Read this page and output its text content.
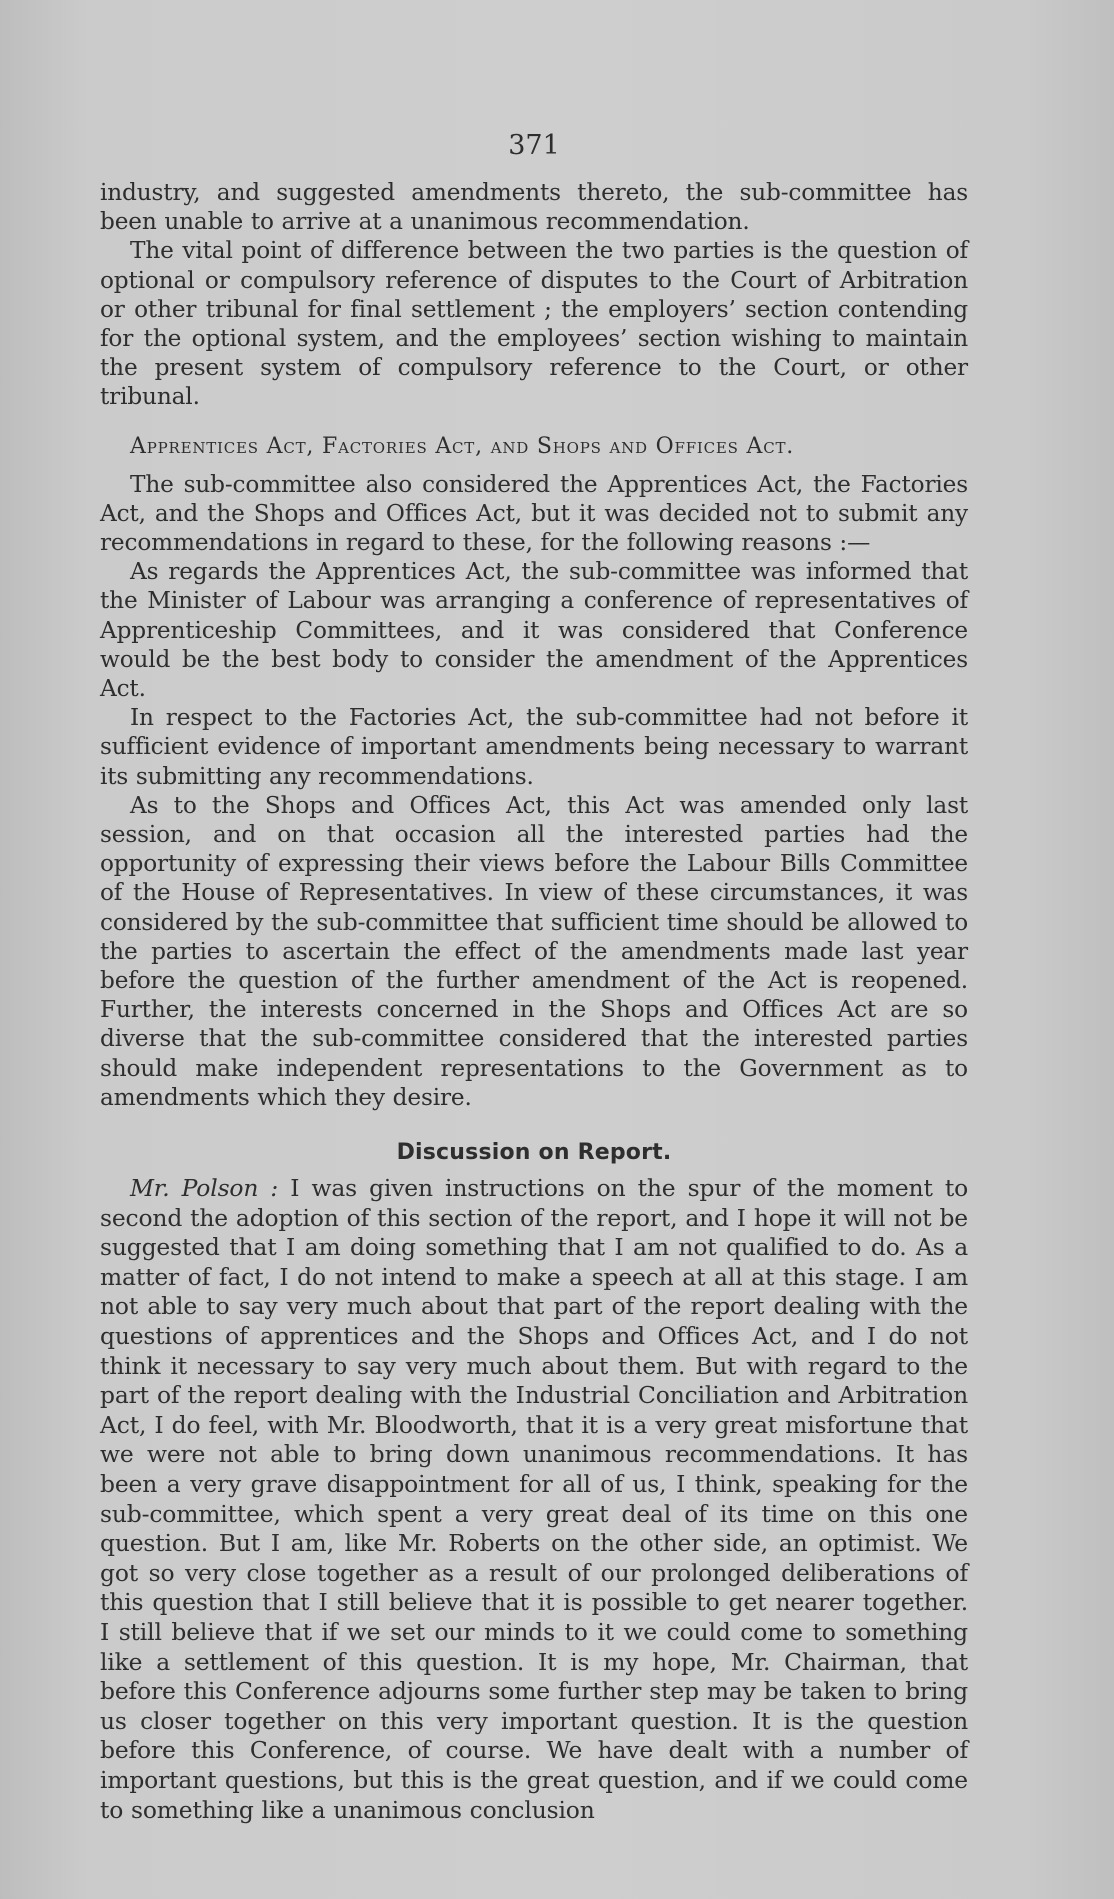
371

industry, and suggested amendments thereto, the sub-committee has been unable to arrive at a unanimous recommendation.

The vital point of difference between the two parties is the question of optional or compulsory reference of disputes to the Court of Arbitration or other tribunal for final settlement ; the employers’ section contending for the optional system, and the employees’ section wishing to maintain the present system of compulsory reference to the Court, or other tribunal.

Apprentices Act, Factories Act, and Shops and Offices Act.

The sub-committee also considered the Apprentices Act, the Factories Act, and the Shops and Offices Act, but it was decided not to submit any recommendations in regard to these, for the following reasons :—

As regards the Apprentices Act, the sub-committee was informed that the Minister of Labour was arranging a conference of representatives of Apprenticeship Committees, and it was considered that Conference would be the best body to consider the amendment of the Apprentices Act.

In respect to the Factories Act, the sub-committee had not before it sufficient evidence of important amendments being necessary to warrant its submitting any recommendations.

As to the Shops and Offices Act, this Act was amended only last session, and on that occasion all the interested parties had the opportunity of expressing their views before the Labour Bills Committee of the House of Representatives. In view of these circumstances, it was considered by the sub-committee that sufficient time should be allowed to the parties to ascertain the effect of the amendments made last year before the question of the further amendment of the Act is reopened. Further, the interests concerned in the Shops and Offices Act are so diverse that the sub-committee considered that the interested parties should make independent representations to the Government as to amendments which they desire.

Discussion on Report.

Mr. Polson : I was given instructions on the spur of the moment to second the adoption of this section of the report, and I hope it will not be suggested that I am doing something that I am not qualified to do. As a matter of fact, I do not intend to make a speech at all at this stage. I am not able to say very much about that part of the report dealing with the questions of apprentices and the Shops and Offices Act, and I do not think it necessary to say very much about them. But with regard to the part of the report dealing with the Industrial Conciliation and Arbitration Act, I do feel, with Mr. Bloodworth, that it is a very great misfortune that we were not able to bring down unanimous recommendations. It has been a very grave disappointment for all of us, I think, speaking for the sub-committee, which spent a very great deal of its time on this one question. But I am, like Mr. Roberts on the other side, an optimist. We got so very close together as a result of our prolonged deliberations of this question that I still believe that it is possible to get nearer together. I still believe that if we set our minds to it we could come to something like a settlement of this question. It is my hope, Mr. Chairman, that before this Conference adjourns some further step may be taken to bring us closer together on this very important question. It is the question before this Conference, of course. We have dealt with a number of important questions, but this is the great question, and if we could come to something like a unanimous conclusion
